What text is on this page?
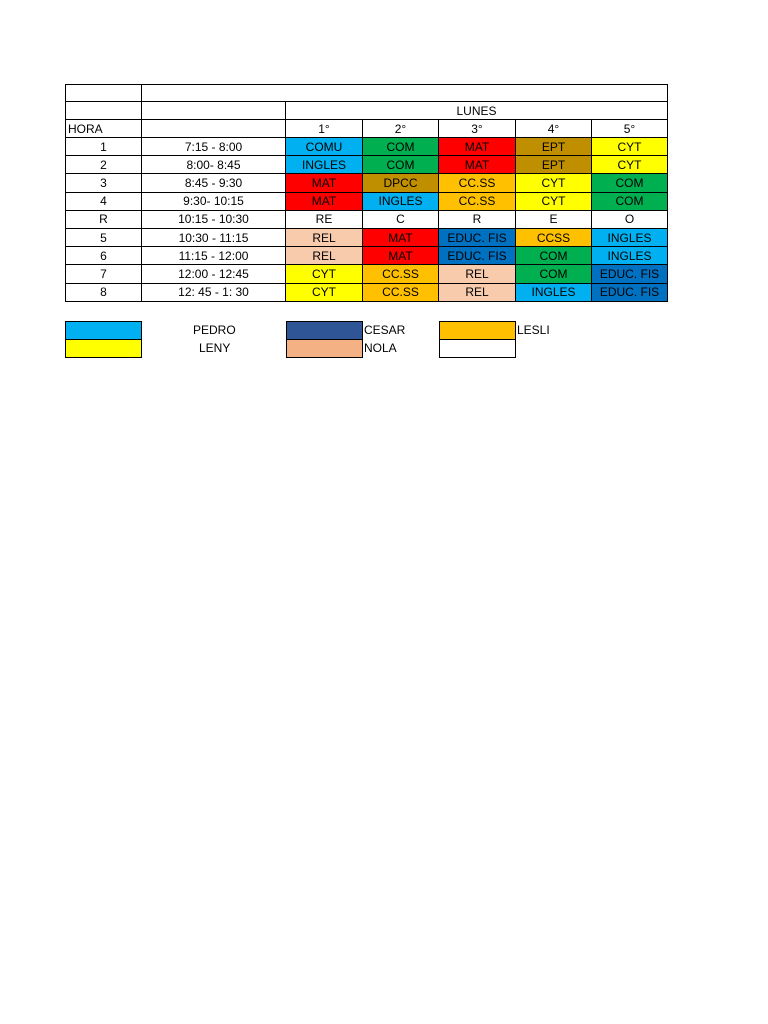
LUNES
HORA	1°	2°	3°	4°	5°
1	7:15 - 8:00	COMU	COM	MAT	EPT	CYT
2	8:00- 8:45	INGLES	COM	MAT	EPT	CYT
3	8:45 - 9:30	MAT	DPCC	CC.SS	CYT	COM
4	9:30- 10:15	MAT	INGLES	CC.SS	CYT	COM
R	10:15 - 10:30	RE	C	R	E	O
5	10:30 - 11:15	REL	MAT	EDUC. FIS	CCSS	INGLES
6	11:15 - 12:00	REL	MAT	EDUC. FIS	COM	INGLES
7	12:00 - 12:45	CYT	CC.SS	REL	COM	EDUC. FIS
8	12: 45 - 1: 30	CYT	CC.SS	REL	INGLES	EDUC. FIS
PEDRO	CESAR	LESLI
LENY	NOLA
